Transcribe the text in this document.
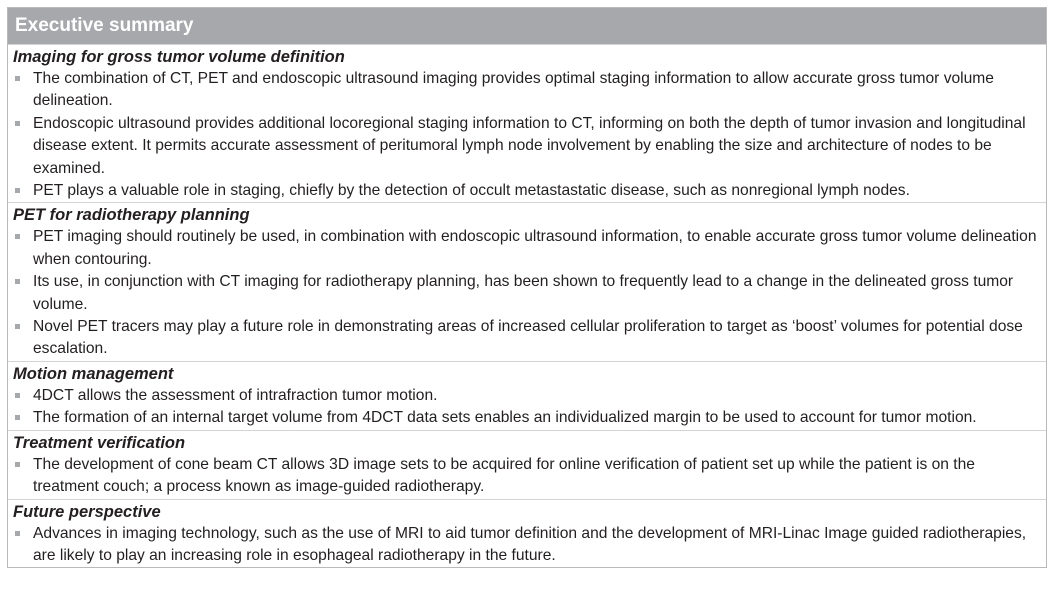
Executive summary
Imaging for gross tumor volume definition
The combination of CT, PET and endoscopic ultrasound imaging provides optimal staging information to allow accurate gross tumor volume delineation.
Endoscopic ultrasound provides additional locoregional staging information to CT, informing on both the depth of tumor invasion and longitudinal disease extent. It permits accurate assessment of peritumoral lymph node involvement by enabling the size and architecture of nodes to be examined.
PET plays a valuable role in staging, chiefly by the detection of occult metastastatic disease, such as nonregional lymph nodes.
PET for radiotherapy planning
PET imaging should routinely be used, in combination with endoscopic ultrasound information, to enable accurate gross tumor volume delineation when contouring.
Its use, in conjunction with CT imaging for radiotherapy planning, has been shown to frequently lead to a change in the delineated gross tumor volume.
Novel PET tracers may play a future role in demonstrating areas of increased cellular proliferation to target as ‘boost’ volumes for potential dose escalation.
Motion management
4DCT allows the assessment of intrafraction tumor motion.
The formation of an internal target volume from 4DCT data sets enables an individualized margin to be used to account for tumor motion.
Treatment verification
The development of cone beam CT allows 3D image sets to be acquired for online verification of patient set up while the patient is on the treatment couch; a process known as image-guided radiotherapy.
Future perspective
Advances in imaging technology, such as the use of MRI to aid tumor definition and the development of MRI-Linac Image guided radiotherapies, are likely to play an increasing role in esophageal radiotherapy in the future.
